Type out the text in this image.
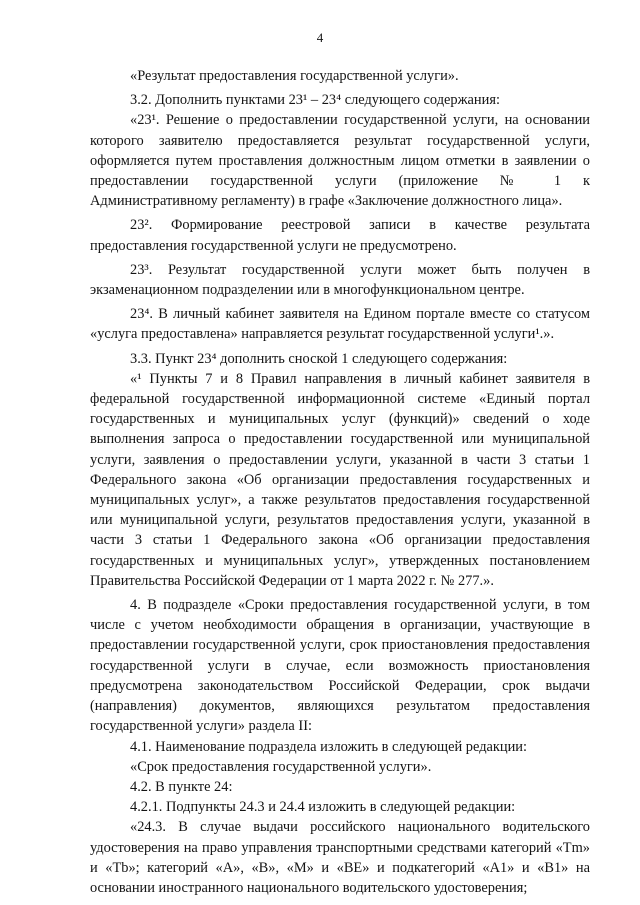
4

«Результат предоставления государственной услуги».

3.2. Дополнить пунктами 23¹ – 23⁴ следующего содержания:

«23¹. Решение о предоставлении государственной услуги, на основании которого заявителю предоставляется результат государственной услуги, оформляется путем проставления должностным лицом отметки в заявлении о предоставлении государственной услуги (приложение № 1 к Административному регламенту) в графе «Заключение должностного лица».

23². Формирование реестровой записи в качестве результата предоставления государственной услуги не предусмотрено.

23³. Результат государственной услуги может быть получен в экзаменационном подразделении или в многофункциональном центре.

23⁴. В личный кабинет заявителя на Едином портале вместе со статусом «услуга предоставлена» направляется результат государственной услуги¹.».

3.3. Пункт 23⁴ дополнить сноской 1 следующего содержания:

«¹ Пункты 7 и 8 Правил направления в личный кабинет заявителя в федеральной государственной информационной системе «Единый портал государственных и муниципальных услуг (функций)» сведений о ходе выполнения запроса о предоставлении государственной или муниципальной услуги, заявления о предоставлении услуги, указанной в части 3 статьи 1 Федерального закона «Об организации предоставления государственных и муниципальных услуг», а также результатов предоставления государственной или муниципальной услуги, результатов предоставления услуги, указанной в части 3 статьи 1 Федерального закона «Об организации предоставления государственных и муниципальных услуг», утвержденных постановлением Правительства Российской Федерации от 1 марта 2022 г. № 277.».

4. В подразделе «Сроки предоставления государственной услуги, в том числе с учетом необходимости обращения в организации, участвующие в предоставлении государственной услуги, срок приостановления предоставления государственной услуги в случае, если возможность приостановления предусмотрена законодательством Российской Федерации, срок выдачи (направления) документов, являющихся результатом предоставления государственной услуги» раздела II:

4.1. Наименование подраздела изложить в следующей редакции:

«Срок предоставления государственной услуги».

4.2. В пункте 24:

4.2.1. Подпункты 24.3 и 24.4 изложить в следующей редакции:

«24.3. В случае выдачи российского национального водительского удостоверения на право управления транспортными средствами категорий «Tm» и «Tb»; категорий «A», «B», «M» и «BE» и подкатегорий «A1» и «B1» на основании иностранного национального водительского удостоверения;
